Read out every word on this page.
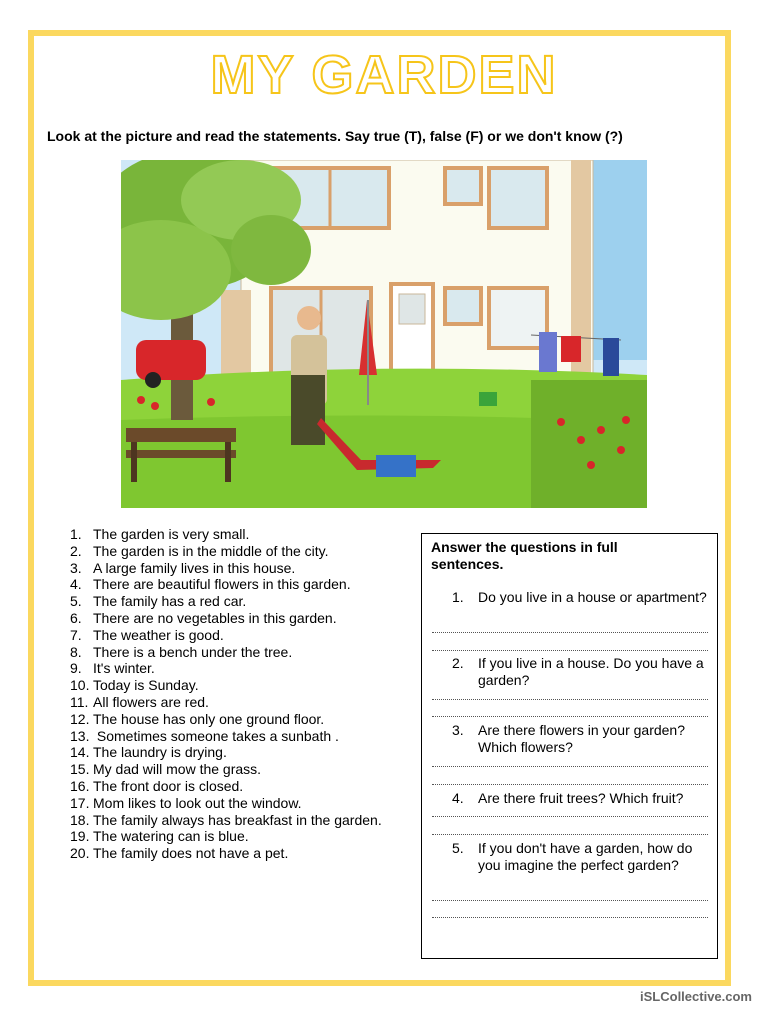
MY GARDEN
Look at the picture and read the statements. Say true (T), false (F) or we don't know (?)
1. The garden is very small.
2. The garden is in the middle of the city.
3. A large family lives in this house.
4. There are beautiful flowers in this garden.
5. The family has a red car.
6. There are no vegetables in this garden.
7. The weather is good.
8. There is a bench under the tree.
9. It's winter.
10. Today is Sunday.
11. All flowers are red.
12. The house has only one ground floor.
13. Sometimes someone takes a sunbath .
14. The laundry is drying.
15. My dad will mow the grass.
16. The front door is closed.
17. Mom likes to look out the window.
18. The family always has breakfast in the garden.
19. The watering can is blue.
20. The family does not have a pet.
Answer the questions in full sentences.
1.	Do you live in a house or apartment?
2.	If you live in a house. Do you have a garden?
3.	Are there flowers in your garden? Which flowers?
4.	Are there fruit trees? Which fruit?
5.	If you don't have a garden, how do you imagine the perfect garden?
iSLCollective.com
